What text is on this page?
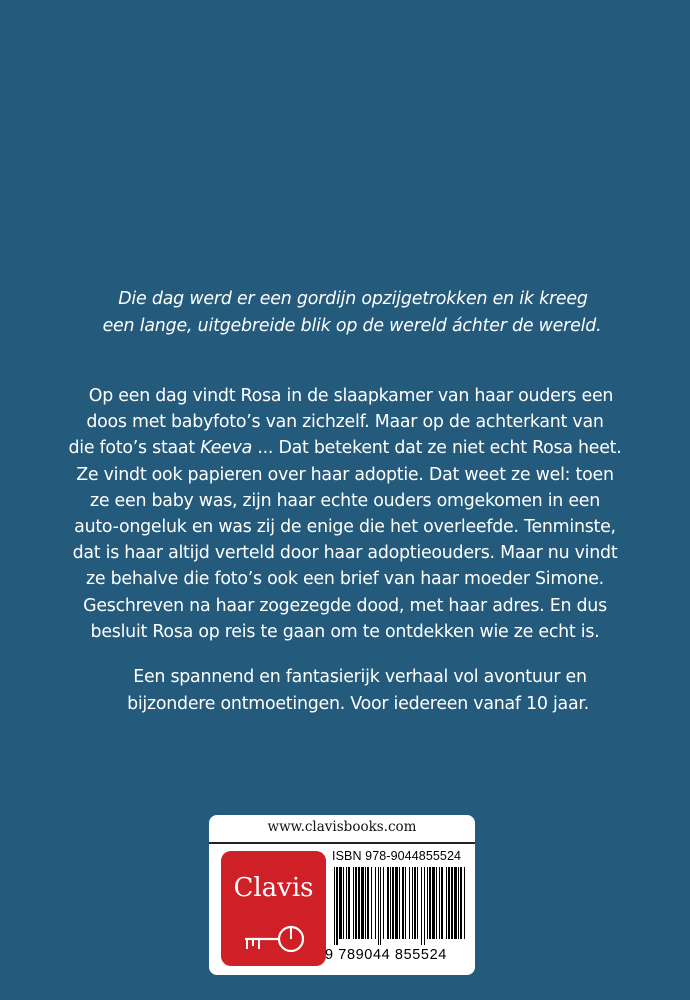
Die dag werd er een gordijn opzijgetrokken en ik kreeg
een lange, uitgebreide blik op de wereld áchter de wereld.
Op een dag vindt Rosa in de slaapkamer van haar ouders een
doos met babyfoto’s van zichzelf. Maar op de achterkant van
die foto’s staat Keeva ... Dat betekent dat ze niet echt Rosa heet.
Ze vindt ook papieren over haar adoptie. Dat weet ze wel: toen
ze een baby was, zijn haar echte ouders omgekomen in een
auto-ongeluk en was zij de enige die het overleefde. Tenminste,
dat is haar altijd verteld door haar adoptieouders. Maar nu vindt
ze behalve die foto’s ook een brief van haar moeder Simone.
Geschreven na haar zogezegde dood, met haar adres. En dus
besluit Rosa op reis te gaan om te ontdekken wie ze echt is.
Een spannend en fantasierijk verhaal vol avontuur en
bijzondere ontmoetingen. Voor iedereen vanaf 10 jaar.
www.clavisbooks.com
Clavis
ISBN 978-9044855524
9 789044 855524
